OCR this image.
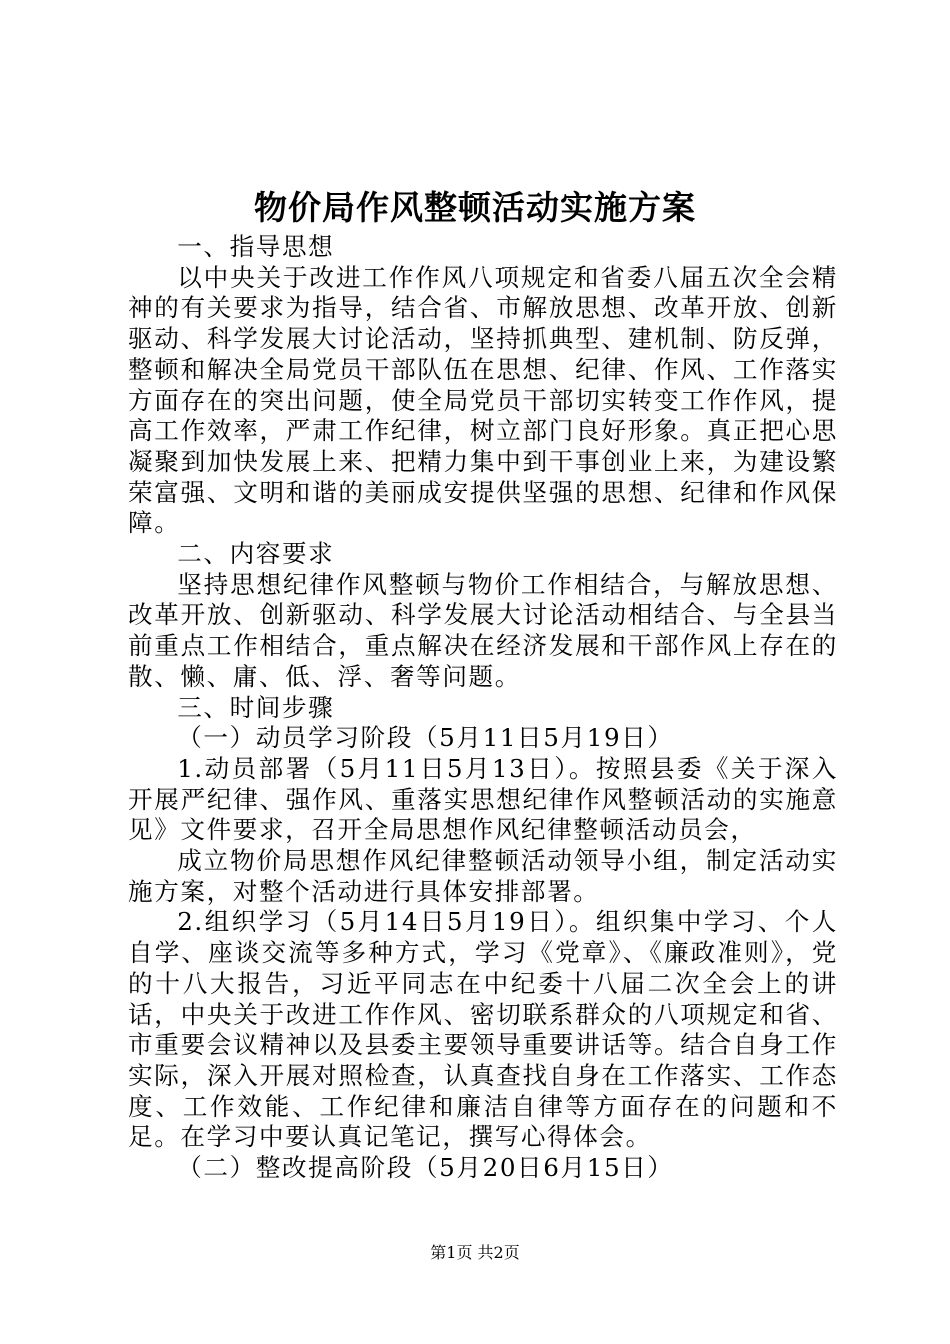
物价局作风整顿活动实施方案

一、指导思想

以中央关于改进工作作风八项规定和省委八届五次全会精神的有关要求为指导，结合省、市解放思想、改革开放、创新驱动、科学发展大讨论活动，坚持抓典型、建机制、防反弹，整顿和解决全局党员干部队伍在思想、纪律、作风、工作落实方面存在的突出问题，使全局党员干部切实转变工作作风，提高工作效率，严肃工作纪律，树立部门良好形象。真正把心思凝聚到加快发展上来、把精力集中到干事创业上来，为建设繁荣富强、文明和谐的美丽成安提供坚强的思想、纪律和作风保障。

二、内容要求

坚持思想纪律作风整顿与物价工作相结合，与解放思想、改革开放、创新驱动、科学发展大讨论活动相结合、与全县当前重点工作相结合，重点解决在经济发展和干部作风上存在的散、懒、庸、低、浮、奢等问题。

三、时间步骤

（一）动员学习阶段（5月11日5月19日）

1.动员部署（5月11日5月13日）。按照县委《关于深入开展严纪律、强作风、重落实思想纪律作风整顿活动的实施意见》文件要求，召开全局思想作风纪律整顿活动员会，

成立物价局思想作风纪律整顿活动领导小组，制定活动实施方案，对整个活动进行具体安排部署。

2.组织学习（5月14日5月19日）。组织集中学习、个人自学、座谈交流等多种方式，学习《党章》、《廉政准则》，党的十八大报告，习近平同志在中纪委十八届二次全会上的讲话，中央关于改进工作作风、密切联系群众的八项规定和省、市重要会议精神以及县委主要领导重要讲话等。结合自身工作实际，深入开展对照检查，认真查找自身在工作落实、工作态度、工作效能、工作纪律和廉洁自律等方面存在的问题和不足。在学习中要认真记笔记，撰写心得体会。

（二）整改提高阶段（5月20日6月15日）

第1页 共2页
